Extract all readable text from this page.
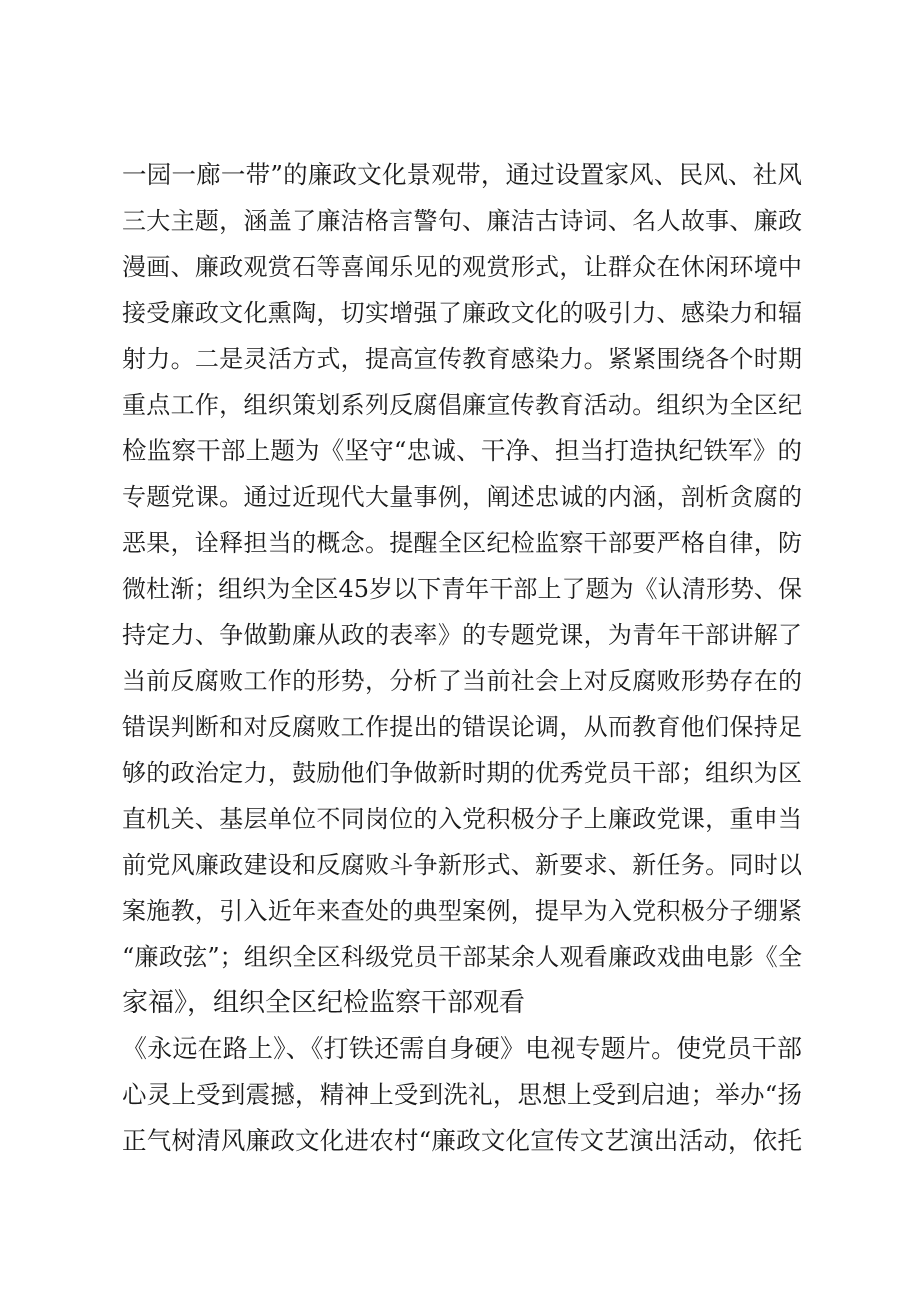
一园一廊一带”的廉政文化景观带，通过设置家风、民风、社风
三大主题，涵盖了廉洁格言警句、廉洁古诗词、名人故事、廉政
漫画、廉政观赏石等喜闻乐见的观赏形式，让群众在休闲环境中
接受廉政文化熏陶，切实增强了廉政文化的吸引力、感染力和辐
射力。二是灵活方式，提高宣传教育感染力。紧紧围绕各个时期
重点工作，组织策划系列反腐倡廉宣传教育活动。组织为全区纪
检监察干部上题为《坚守“忠诚、干净、担当打造执纪铁军》的
专题党课。通过近现代大量事例，阐述忠诚的内涵，剖析贪腐的
恶果，诠释担当的概念。提醒全区纪检监察干部要严格自律，防
微杜渐；组织为全区45岁以下青年干部上了题为《认清形势、保
持定力、争做勤廉从政的表率》的专题党课，为青年干部讲解了
当前反腐败工作的形势，分析了当前社会上对反腐败形势存在的
错误判断和对反腐败工作提出的错误论调，从而教育他们保持足
够的政治定力，鼓励他们争做新时期的优秀党员干部；组织为区
直机关、基层单位不同岗位的入党积极分子上廉政党课，重申当
前党风廉政建设和反腐败斗争新形式、新要求、新任务。同时以
案施教，引入近年来查处的典型案例，提早为入党积极分子绷紧
“廉政弦”；组织全区科级党员干部某余人观看廉政戏曲电影《全
家福》，组织全区纪检监察干部观看
《永远在路上》、《打铁还需自身硬》电视专题片。使党员干部
心灵上受到震撼，精神上受到洗礼，思想上受到启迪；举办“扬
正气树清风廉政文化进农村“廉政文化宣传文艺演出活动，依托
